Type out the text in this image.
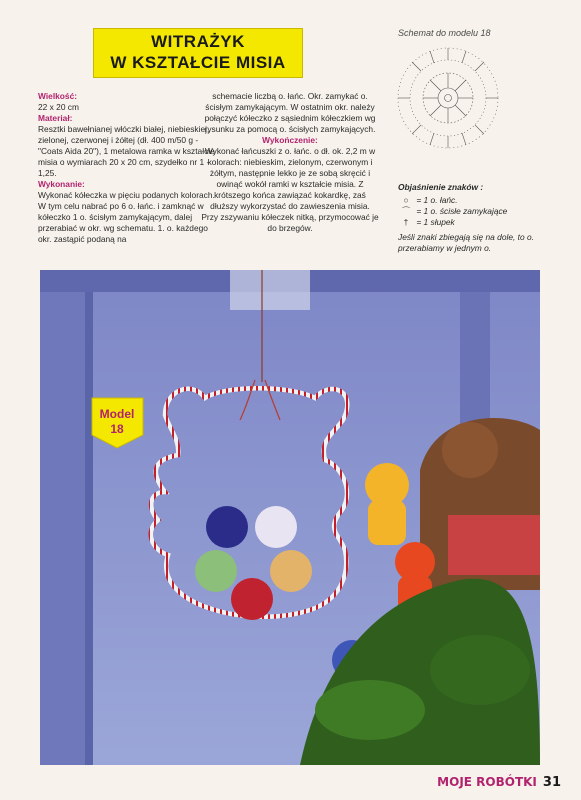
WITRAŻYK
W KSZTAŁCIE MISIA
Schemat do modelu 18
Wielkość:
22 x 20 cm
Materiał:
Resztki bawełnianej włóczki białej, niebieskiej, zielonej, czerwonej i żółtej (dł. 400 m/50 g - "Coats Aida 20"), 1 metalowa ramka w kształcie misia o wymiarach 20 x 20 cm, szydełko nr 1 - 1,25.
Wykonanie:
Wykonać kółeczka w pięciu podanych kolorach. W tym celu nabrać po 6 o. łańc. i zamknąć w kółeczko 1 o. ścisłym zamykającym, dalej przerabiać w okr. wg schematu. 1. o. każdego okr. zastąpić podaną na
schemacie liczbą o. łańc. Okr. zamykać o. ścisłym zamykającym. W ostatnim okr. należy połączyć kółeczko z sąsiednim kółeczkiem wg rysunku za pomocą o. ścisłych zamykających.
Wykończenie:
Wykonać łańcuszki z o. łańc. o dł. ok. 2,2 m w kolorach: niebieskim, zielonym, czerwonym i żółtym, następnie lekko je ze sobą skręcić i owinąć wokół ramki w kształcie misia. Z krótszego końca zawiązać kokardkę, zaś dłuższy wykorzystać do zawieszenia misia. Przy zszywaniu kółeczek nitką, przymocować je do brzegów.
Objaśnienie znaków :
○ = 1 o. łańc.
⌒ = 1 o. ścisłe zamykające
† = 1 słupek
Jeśli znaki zbiegają się na dole, to o. przerabiamy w jednym o.
Model
18
MOJE ROBÓTKI 31
